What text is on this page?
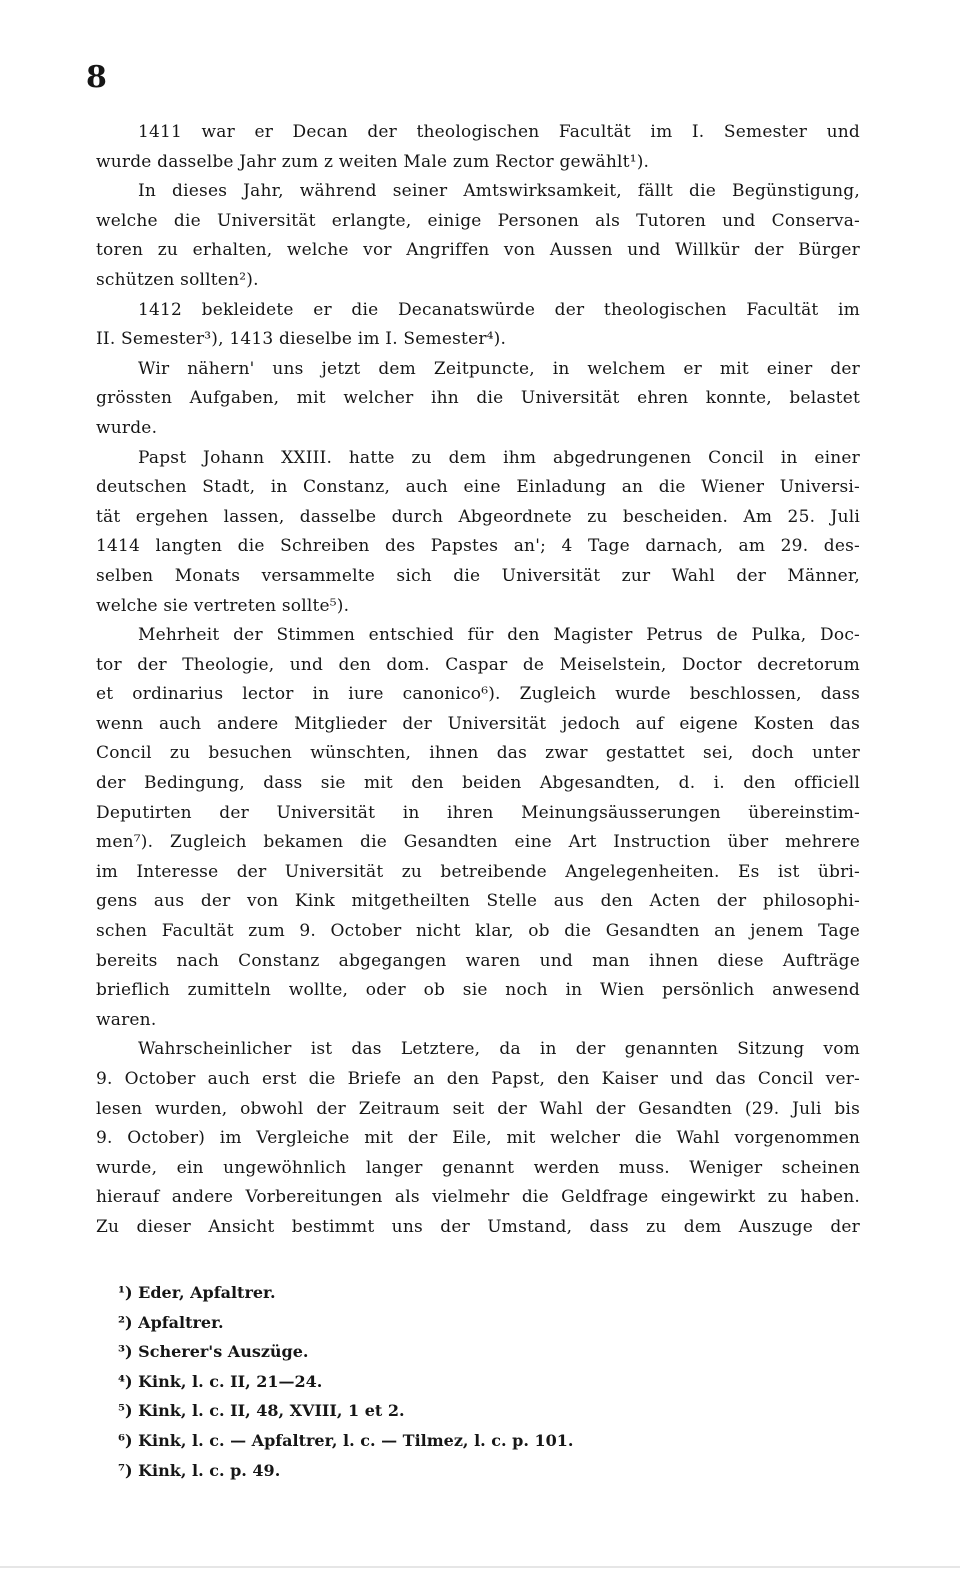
8
1411 war er Decan der theologischen Facultät im I. Semester und
wurde dasselbe Jahr zum z weiten Male zum Rector gewählt¹).
In dieses Jahr, während seiner Amtswirksamkeit, fällt die Begünstigung,
welche die Universität erlangte, einige Personen als Tutoren und Conserva-
toren zu erhalten, welche vor Angriffen von Aussen und Willkür der Bürger
schützen sollten²).
1412 bekleidete er die Decanatswürde der theologischen Facultät im
II. Semester³), 1413 dieselbe im I. Semester⁴).
Wir nähern' uns jetzt dem Zeitpuncte, in welchem er mit einer der
grössten Aufgaben, mit welcher ihn die Universität ehren konnte, belastet
wurde.
Papst Johann XXIII. hatte zu dem ihm abgedrungenen Concil in einer
deutschen Stadt, in Constanz, auch eine Einladung an die Wiener Universi-
tät ergehen lassen, dasselbe durch Abgeordnete zu bescheiden. Am 25. Juli
1414 langten die Schreiben des Papstes an'; 4 Tage darnach, am 29. des-
selben Monats versammelte sich die Universität zur Wahl der Männer,
welche sie vertreten sollte⁵).
Mehrheit der Stimmen entschied für den Magister Petrus de Pulka, Doc-
tor der Theologie, und den dom. Caspar de Meiselstein, Doctor decretorum
et ordinarius lector in iure canonico⁶). Zugleich wurde beschlossen, dass
wenn auch andere Mitglieder der Universität jedoch auf eigene Kosten das
Concil zu besuchen wünschten, ihnen das zwar gestattet sei, doch unter
der Bedingung, dass sie mit den beiden Abgesandten, d. i. den officiell
Deputirten der Universität in ihren Meinungsäusserungen übereinstim-
men⁷). Zugleich bekamen die Gesandten eine Art Instruction über mehrere
im Interesse der Universität zu betreibende Angelegenheiten. Es ist übri-
gens aus der von Kink mitgetheilten Stelle aus den Acten der philosophi-
schen Facultät zum 9. October nicht klar, ob die Gesandten an jenem Tage
bereits nach Constanz abgegangen waren und man ihnen diese Aufträge
brieflich zumitteln wollte, oder ob sie noch in Wien persönlich anwesend
waren.
Wahrscheinlicher ist das Letztere, da in der genannten Sitzung vom
9. October auch erst die Briefe an den Papst, den Kaiser und das Concil ver-
lesen wurden, obwohl der Zeitraum seit der Wahl der Gesandten (29. Juli bis
9. October) im Vergleiche mit der Eile, mit welcher die Wahl vorgenommen
wurde, ein ungewöhnlich langer genannt werden muss. Weniger scheinen
hierauf andere Vorbereitungen als vielmehr die Geldfrage eingewirkt zu haben.
Zu dieser Ansicht bestimmt uns der Umstand, dass zu dem Auszuge der
¹) Eder, Apfaltrer.
²) Apfaltrer.
³) Scherer's Auszüge.
⁴) Kink, l. c. II, 21—24.
⁵) Kink, l. c. II, 48, XVIII, 1 et 2.
⁶) Kink, l. c. — Apfaltrer, l. c. — Tilmez, l. c. p. 101.
⁷) Kink, l. c. p. 49.
